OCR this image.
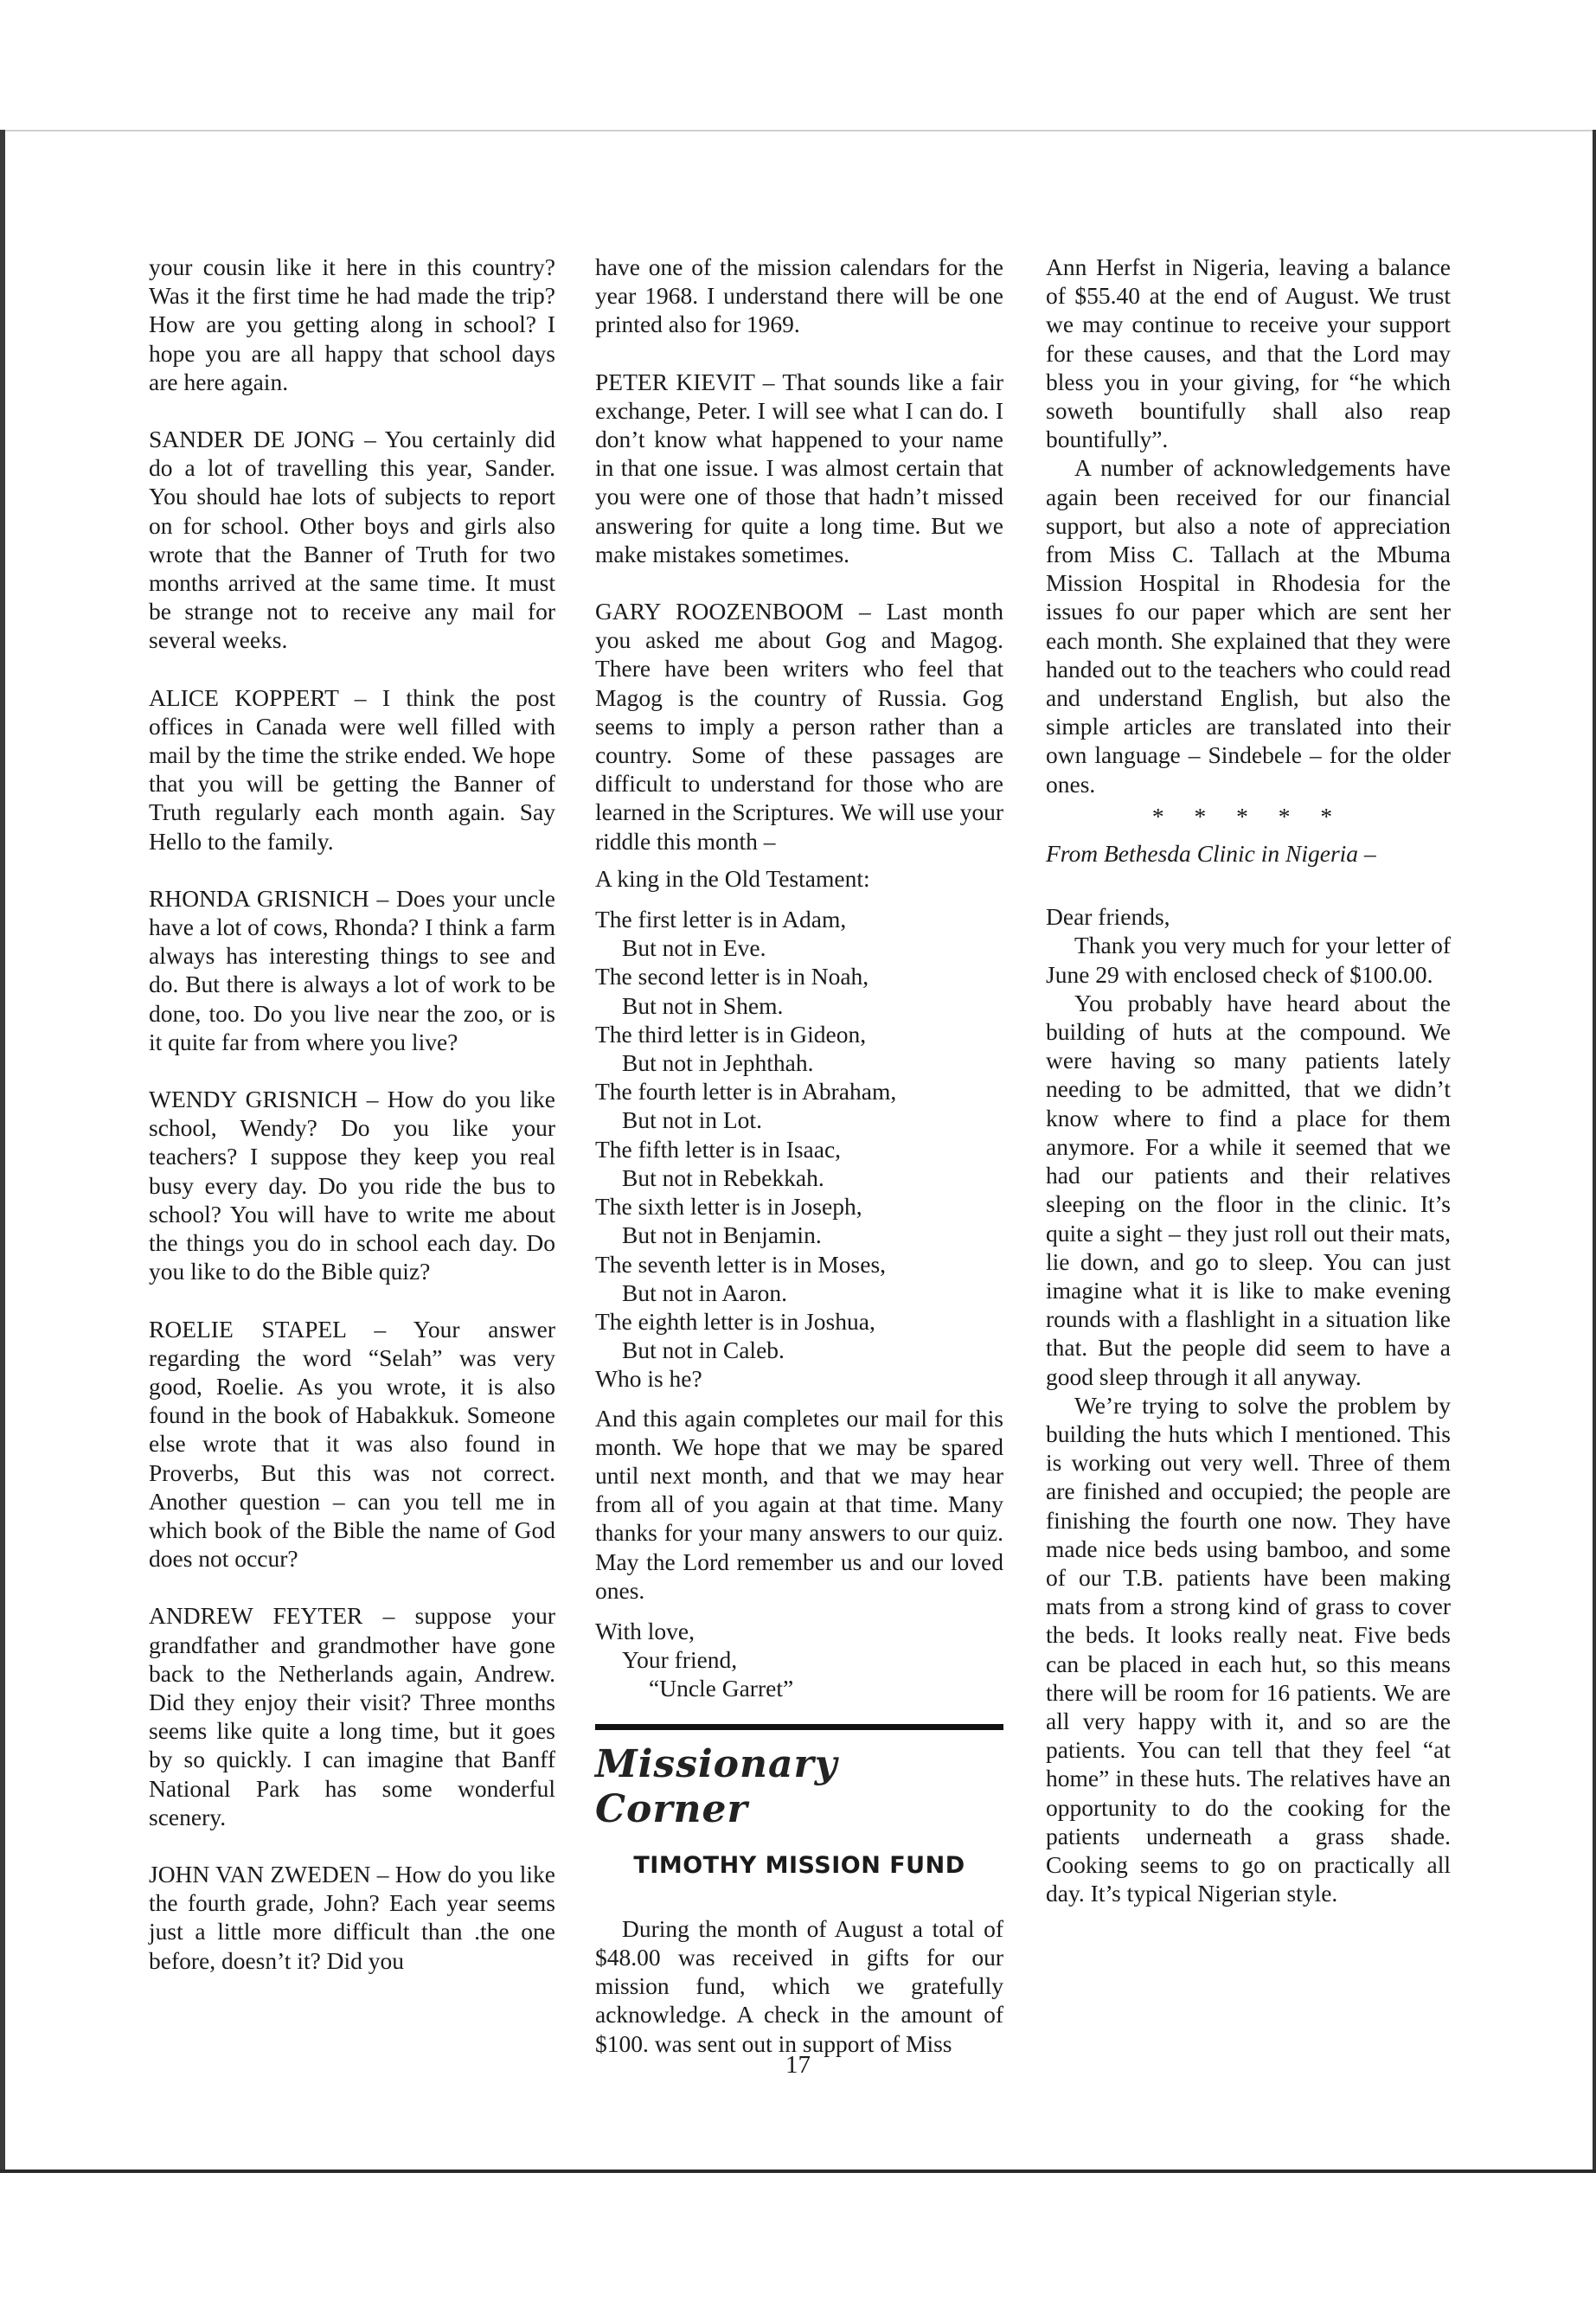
your cousin like it here in this country? Was it the first time he had made the trip? How are you getting along in school? I hope you are all happy that school days are here again.

SANDER DE JONG – You certainly did do a lot of travelling this year, Sander. You should hae lots of subjects to report on for school. Other boys and girls also wrote that the Banner of Truth for two months arrived at the same time. It must be strange not to receive any mail for several weeks.

ALICE KOPPERT – I think the post offices in Canada were well filled with mail by the time the strike ended. We hope that you will be getting the Banner of Truth regularly each month again. Say Hello to the family.

RHONDA GRISNICH – Does your uncle have a lot of cows, Rhonda? I think a farm always has interesting things to see and do. But there is always a lot of work to be done, too. Do you live near the zoo, or is it quite far from where you live?

WENDY GRISNICH – How do you like school, Wendy? Do you like your teachers? I suppose they keep you real busy every day. Do you ride the bus to school? You will have to write me about the things you do in school each day. Do you like to do the Bible quiz?

ROELIE STAPEL – Your answer regarding the word “Selah” was very good, Roelie. As you wrote, it is also found in the book of Habakkuk. Someone else wrote that it was also found in Proverbs, But this was not correct. Another question – can you tell me in which book of the Bible the name of God does not occur?

ANDREW FEYTER – suppose your grandfather and grandmother have gone back to the Netherlands again, Andrew. Did they enjoy their visit? Three months seems like quite a long time, but it goes by so quickly. I can imagine that Banff National Park has some wonderful scenery.

JOHN VAN ZWEDEN – How do you like the fourth grade, John? Each year seems just a little more difficult than .the one before, doesn’t it? Did you

have one of the mission calendars for the year 1968. I understand there will be one printed also for 1969.

PETER KIEVIT – That sounds like a fair exchange, Peter. I will see what I can do. I don’t know what happened to your name in that one issue. I was almost certain that you were one of those that hadn’t missed answering for quite a long time. But we make mistakes sometimes.

GARY ROOZENBOOM – Last month you asked me about Gog and Magog. There have been writers who feel that Magog is the country of Russia. Gog seems to imply a person rather than a country. Some of these passages are difficult to understand for those who are learned in the Scriptures. We will use your riddle this month –

A king in the Old Testament:

The first letter is in Adam,
But not in Eve.
The second letter is in Noah,
But not in Shem.
The third letter is in Gideon,
But not in Jephthah.
The fourth letter is in Abraham,
But not in Lot.
The fifth letter is in Isaac,
But not in Rebekkah.
The sixth letter is in Joseph,
But not in Benjamin.
The seventh letter is in Moses,
But not in Aaron.
The eighth letter is in Joshua,
But not in Caleb.
Who is he?

And this again completes our mail for this month. We hope that we may be spared until next month, and that we may hear from all of you again at that time. Many thanks for your many answers to our quiz. May the Lord remember us and our loved ones.

With love,
Your friend,
“Uncle Garret”
Missionary Corner
TIMOTHY MISSION FUND

During the month of August a total of $48.00 was received in gifts for our mission fund, which we gratefully acknowledge. A check in the amount of $100. was sent out in support of Miss

Ann Herfst in Nigeria, leaving a balance of $55.40 at the end of August. We trust we may continue to receive your support for these causes, and that the Lord may bless you in your giving, for “he which soweth bountifully shall also reap bountifully”.

A number of acknowledgements have again been received for our financial support, but also a note of appreciation from Miss C. Tallach at the Mbuma Mission Hospital in Rhodesia for the issues fo our paper which are sent her each month. She explained that they were handed out to the teachers who could read and understand English, but also the simple articles are translated into their own language – Sindebele – for the older ones.

* * * * *

From Bethesda Clinic in Nigeria –

Dear friends,

Thank you very much for your letter of June 29 with enclosed check of $100.00.

You probably have heard about the building of huts at the compound. We were having so many patients lately needing to be admitted, that we didn’t know where to find a place for them anymore. For a while it seemed that we had our patients and their relatives sleeping on the floor in the clinic. It’s quite a sight – they just roll out their mats, lie down, and go to sleep. You can just imagine what it is like to make evening rounds with a flashlight in a situation like that. But the people did seem to have a good sleep through it all anyway.

We’re trying to solve the problem by building the huts which I mentioned. This is working out very well. Three of them are finished and occupied; the people are finishing the fourth one now. They have made nice beds using bamboo, and some of our T.B. patients have been making mats from a strong kind of grass to cover the beds. It looks really neat. Five beds can be placed in each hut, so this means there will be room for 16 patients. We are all very happy with it, and so are the patients. You can tell that they feel “at home” in these huts. The relatives have an opportunity to do the cooking for the patients underneath a grass shade. Cooking seems to go on practically all day. It’s typical Nigerian style.

17
